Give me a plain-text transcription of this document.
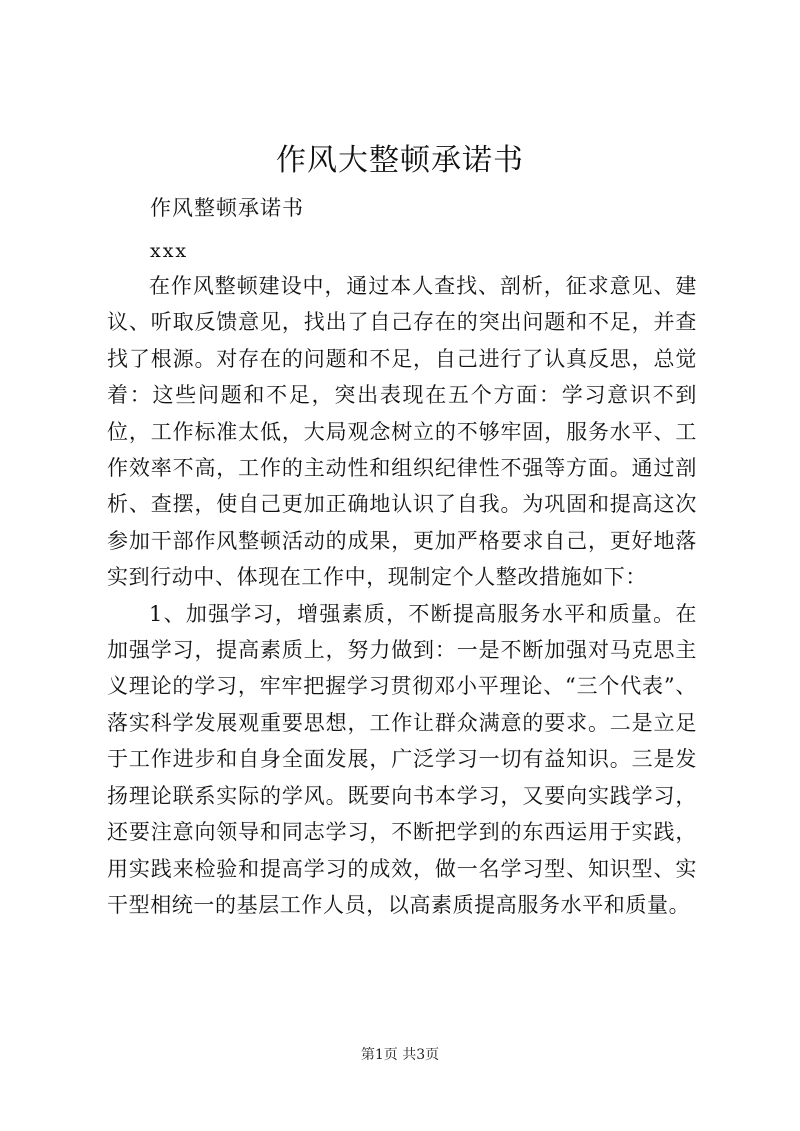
作风大整顿承诺书
作风整顿承诺书
xxx

在作风整顿建设中，通过本人查找、剖析，征求意见、建议、听取反馈意见，找出了自己存在的突出问题和不足，并查找了根源。对存在的问题和不足，自己进行了认真反思，总觉着：这些问题和不足，突出表现在五个方面：学习意识不到位，工作标准太低，大局观念树立的不够牢固，服务水平、工作效率不高，工作的主动性和组织纪律性不强等方面。通过剖析、查摆，使自己更加正确地认识了自我。为巩固和提高这次参加干部作风整顿活动的成果，更加严格要求自己，更好地落实到行动中、体现在工作中，现制定个人整改措施如下：

1、加强学习，增强素质，不断提高服务水平和质量。在加强学习，提高素质上，努力做到：一是不断加强对马克思主义理论的学习，牢牢把握学习贯彻邓小平理论、“三个代表”、落实科学发展观重要思想，工作让群众满意的要求。二是立足于工作进步和自身全面发展，广泛学习一切有益知识。三是发扬理论联系实际的学风。既要向书本学习，又要向实践学习，还要注意向领导和同志学习，不断把学到的东西运用于实践，用实践来检验和提高学习的成效，做一名学习型、知识型、实干型相统一的基层工作人员，以高素质提高服务水平和质量。

第1页 共3页
